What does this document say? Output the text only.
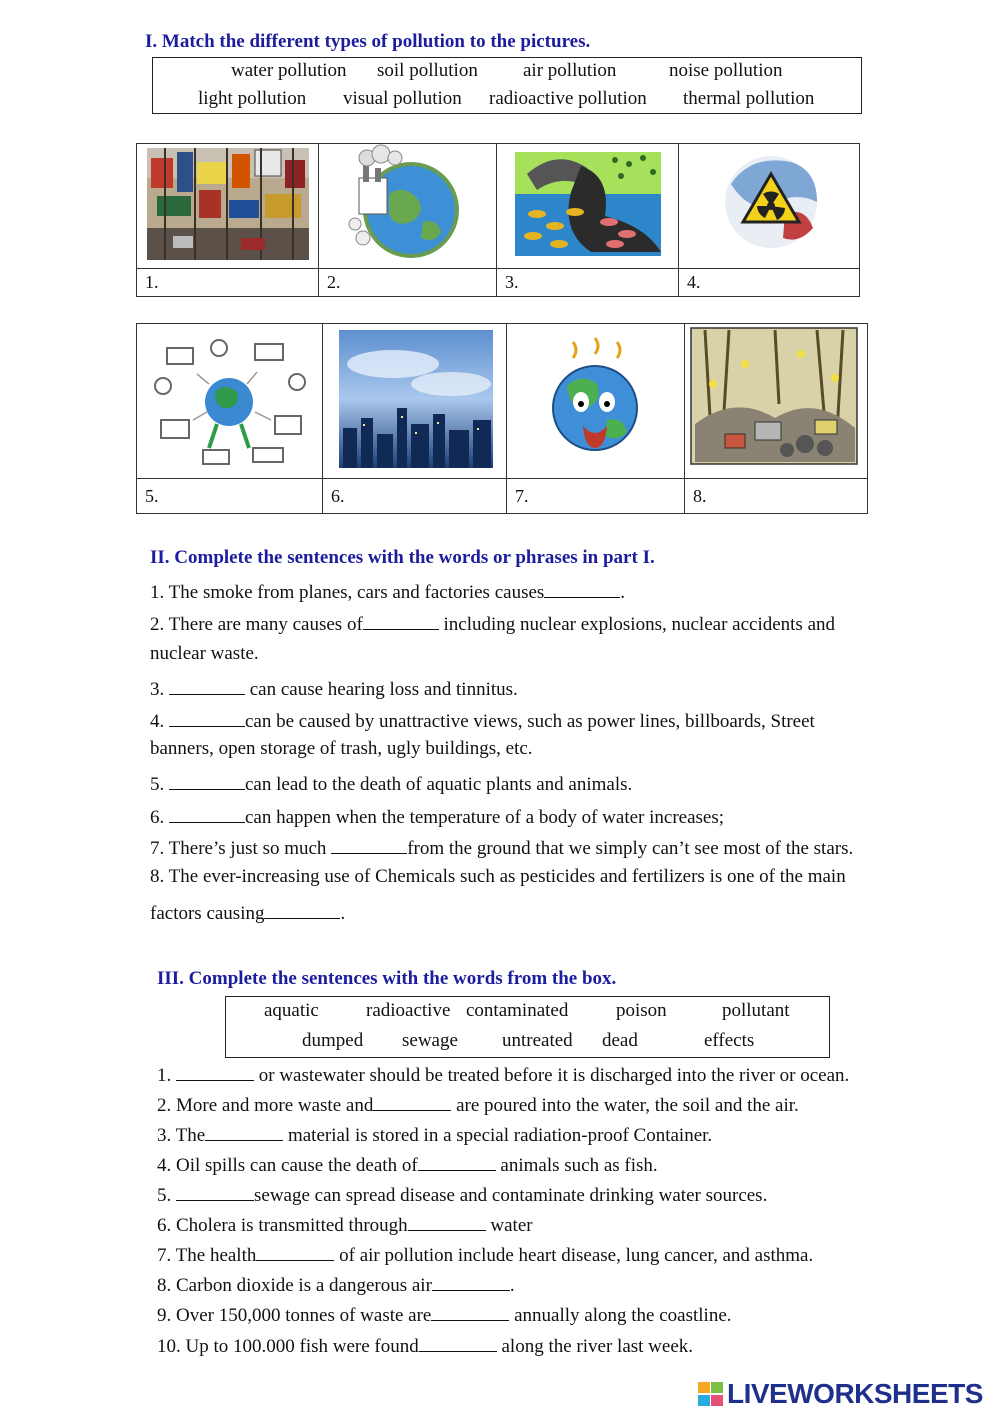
I. Match the different types of pollution to the pictures.
water pollution soil pollution air pollution	noise pollution
light pollution visual pollution radioactive pollution thermal pollution

1.	2.	3.	4.

5.	6.	7.	8.
II. Complete the sentences with the words or phrases in part I.
1. The smoke from planes, cars and factories causes	.
2. There are many causes of	including nuclear explosions, nuclear accidents and
nuclear waste.
3.	can cause hearing loss and tinnitus.
4.	can be caused by unattractive views, such as power lines, billboards, Street
banners, open storage of trash, ugly buildings, etc.
5.	can lead to the death of aquatic plants and animals.
6.	can happen when the temperature of a body of water increases;
7. There’s just so much	from the ground that we simply can’t see most of the stars.
8. The ever-increasing use of Chemicals such as pesticides and fertilizers is one of the main
factors causing	.
III. Complete the sentences with the words from the box.
aquatic radioactive contaminated	poison	pollutant
dumped sewage untreated dead	effects
1.	or wastewater should be treated before it is discharged into the river or ocean.
2. More and more waste and	are poured into the water, the soil and the air.
3. The	material is stored in a special radiation-proof Container.
4. Oil spills can cause the death of	animals such as fish.
5.	sewage can spread disease and contaminate drinking water sources.
6. Cholera is transmitted through	water
7. The health	of air pollution include heart disease, lung cancer, and asthma.
8. Carbon dioxide is a dangerous air	.
9. Over 150,000 tonnes of waste are	annually along the coastline.
10. Up to 100.000 fish were found	along the river last week.
LIVEWORKSHEETS
